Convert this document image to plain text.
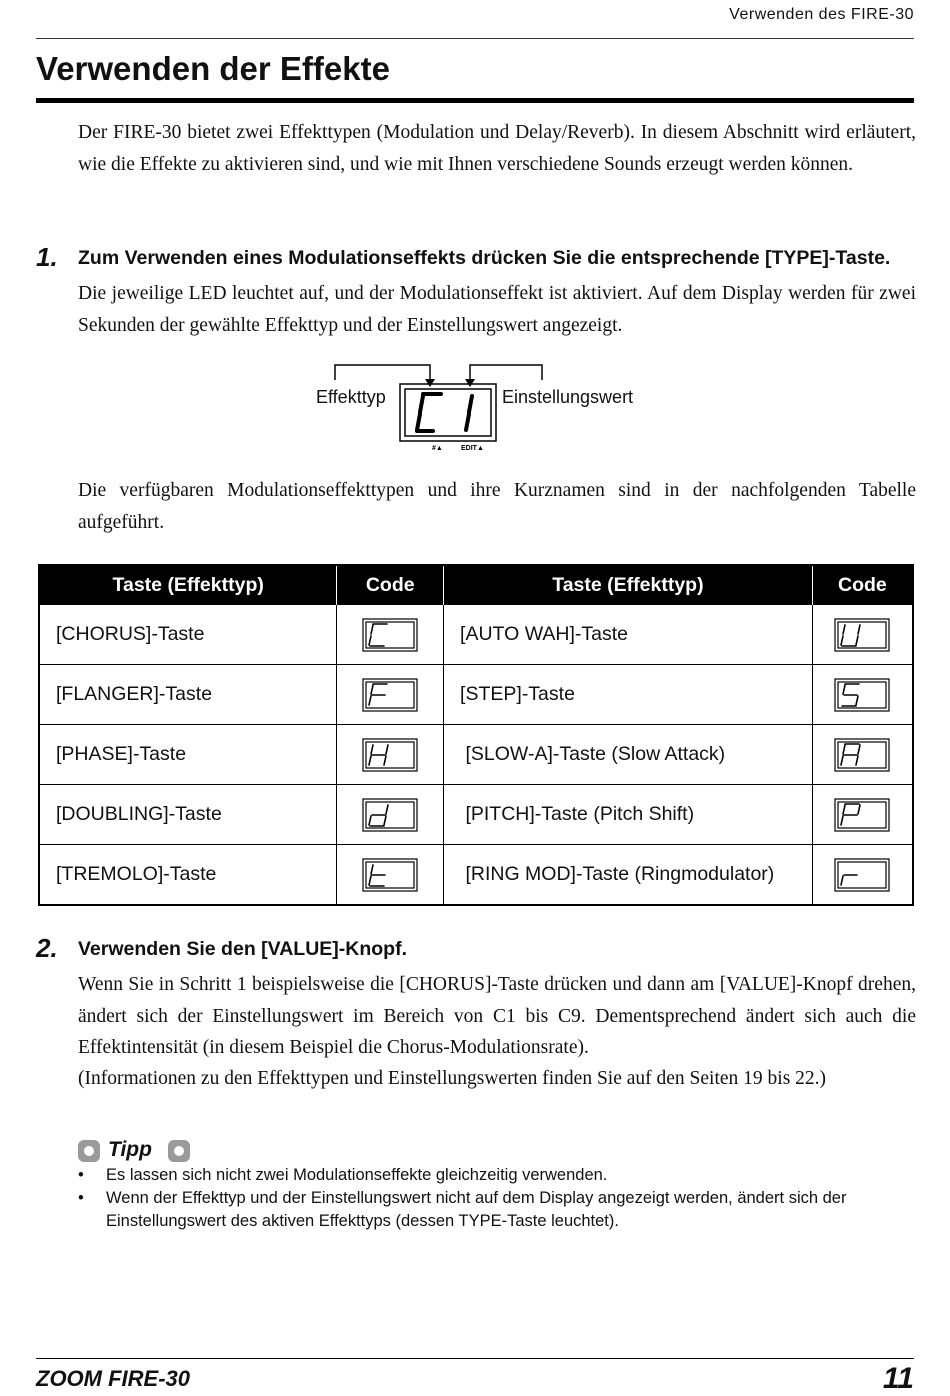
Verwenden des FIRE-30
Verwenden der Effekte

Der FIRE-30 bietet zwei Effekttypen (Modulation und Delay/Reverb). In diesem Abschnitt wird erläutert, wie die Effekte zu aktivieren sind, und wie mit Ihnen verschiedene Sounds erzeugt werden können.

1. Zum Verwenden eines Modulationseffekts drücken Sie die entsprechende [TYPE]-Taste.

Die jeweilige LED leuchtet auf, und der Modulationseffekt ist aktiviert. Auf dem Display werden für zwei Sekunden der gewählte Effekttyp und der Einstellungswert angezeigt.

#▲	EDIT▲
Effekttyp	Einstellungswert

Die verfügbaren Modulationseffekttypen und ihre Kurznamen sind in der nachfolgenden Tabelle aufgeführt.

Taste (Effekttyp)	Code	Taste (Effekttyp)	Code
[CHORUS]-Taste		[AUTO WAH]-Taste	
[FLANGER]-Taste		[STEP]-Taste	
[PHASE]-Taste		[SLOW-A]-Taste (Slow Attack)	
[DOUBLING]-Taste		[PITCH]-Taste (Pitch Shift)	
[TREMOLO]-Taste		[RING MOD]-Taste (Ringmodulator)	
2. Verwenden Sie den [VALUE]-Knopf.

Wenn Sie in Schritt 1 beispielsweise die [CHORUS]-Taste drücken und dann am [VALUE]-Knopf drehen, ändert sich der Einstellungswert im Bereich von C1 bis C9. Dementsprechend ändert sich auch die Effektintensität (in diesem Beispiel die Chorus-Modulationsrate).

(Informationen zu den Effekttypen und Einstellungswerten finden Sie auf den Seiten 19 bis 22.)

Tipp
• Es lassen sich nicht zwei Modulationseffekte gleichzeitig verwenden.
• Wenn der Effekttyp und der Einstellungswert nicht auf dem Display angezeigt werden, ändert sich der Einstellungswert des aktiven Effekttyps (dessen TYPE-Taste leuchtet).
ZOOM FIRE-30	11
